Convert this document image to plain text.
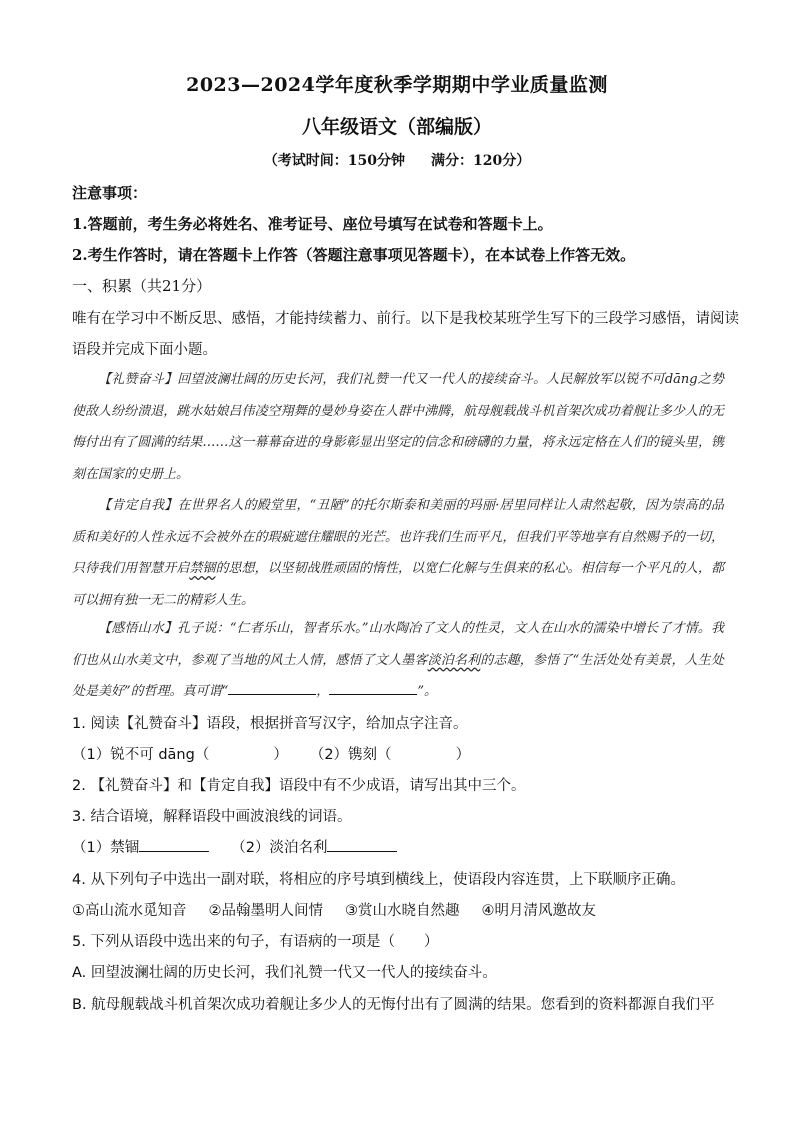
2023—2024学年度秋季学期期中学业质量监测
八年级语文（部编版）
（考试时间：150分钟 满分：120分）
注意事项：
1.答题前，考生务必将姓名、准考证号、座位号填写在试卷和答题卡上。
2.考生作答时，请在答题卡上作答（答题注意事项见答题卡），在本试卷上作答无效。
一、积累（共21分）
唯有在学习中不断反思、感悟，才能持续蓄力、前行。以下是我校某班学生写下的三段学习感悟，请阅读
语段并完成下面小题。
【礼赞奋斗】回望波澜壮阔的历史长河，我们礼赞一代又一代人的接续奋斗。人民解放军以锐不可dāng之势使敌人纷纷溃退，跳水姑娘吕伟凌空翔舞的曼妙身姿在人群中沸腾，航母舰载战斗机首架次成功着舰让多少人的无悔付出有了圆满的结果……这一幕幕奋进的身影彰显出坚定的信念和磅礴的力量，将永远定格在人们的镜头里，镌刻在国家的史册上。
【肯定自我】在世界名人的殿堂里，“丑陋”的托尔斯泰和美丽的玛丽·居里同样让人肃然起敬，因为崇高的品质和美好的人性永远不会被外在的瑕疵遮住耀眼的光芒。也许我们生而平凡，但我们平等地享有自然赐予的一切，只待我们用智慧开启禁锢的思想，以坚韧战胜顽固的惰性，以宽仁化解与生俱来的私心。相信每一个平凡的人，都可以拥有独一无二的精彩人生。
【感悟山水】孔子说：“仁者乐山，智者乐水。”山水陶冶了文人的性灵，文人在山水的濡染中增长了才情。我们也从山水美文中，参观了当地的风土人情，感悟了文人墨客淡泊名利的志趣，参悟了“生活处处有美景，人生处处是美好”的哲理。真可谓“	，	”。
1. 阅读【礼赞奋斗】语段，根据拼音写汉字，给加点字注音。
（1）锐不可 dāng（	） （2）镌刻（	）
2. 【礼赞奋斗】和【肯定自我】语段中有不少成语，请写出其中三个。
3. 结合语境，解释语段中画波浪线的词语。
（1）禁锢	（2）淡泊名利
4. 从下列句子中选出一副对联，将相应的序号填到横线上，使语段内容连贯，上下联顺序正确。
①高山流水觅知音 ②品翰墨明人间情 ③赏山水晓自然趣 ④明月清风邀故友
5. 下列从语段中选出来的句子，有语病的一项是（　　）
A. 回望波澜壮阔的历史长河，我们礼赞一代又一代人的接续奋斗。
B. 航母舰载战斗机首架次成功着舰让多少人的无悔付出有了圆满的结果。您看到的资料都源自我们平
